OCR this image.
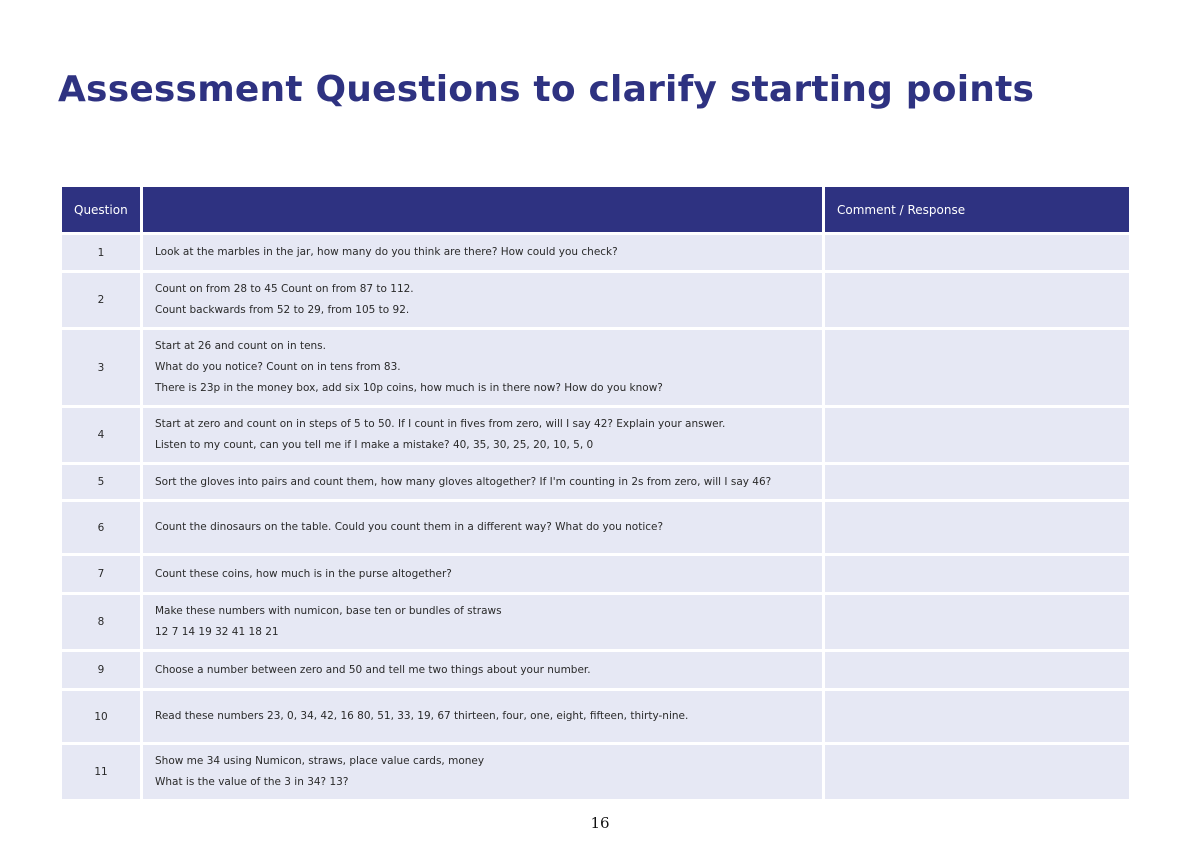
Assessment Questions to clarify starting points
Question		Comment / Response
1	Look at the marbles in the jar, how many do you think are there? How could you check?	

2	Count on from 28 to 45 Count on from 87 to 112.
Count backwards from 52 to 29, from 105 to 92.	

3	Start at 26 and count on in tens.
What do you notice? Count on in tens from 83.
There is 23p in the money box, add six 10p coins, how much is in there now? How do you know?	

4	Start at zero and count on in steps of 5 to 50. If I count in fives from zero, will I say 42? Explain your answer.
Listen to my count, can you tell me if I make a mistake? 40, 35, 30, 25, 20, 10, 5, 0	

5	Sort the gloves into pairs and count them, how many gloves altogether? If I'm counting in 2s from zero, will I say 46?	

6	Count the dinosaurs on the table. Could you count them in a different way? What do you notice?	

7	Count these coins, how much is in the purse altogether?	

8	Make these numbers with numicon, base ten or bundles of straws
12 7 14 19 32 41 18 21	

9	Choose a number between zero and 50 and tell me two things about your number.	

10	Read these numbers 23, 0, 34, 42, 16 80, 51, 33, 19, 67 thirteen, four, one, eight, fifteen, thirty-nine.	

11	Show me 34 using Numicon, straws, place value cards, money
What is the value of the 3 in 34? 13?	

16
